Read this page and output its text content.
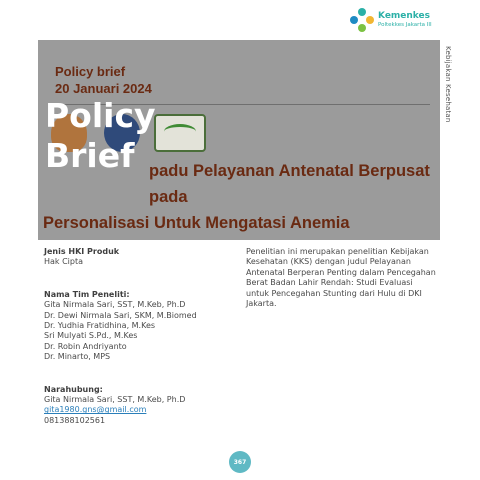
Kemenkes
Poltekkes Jakarta III
Kebijakan Kesehatan
Policy brief
20 Januari 2024
padu Pelayanan Antenatal Berpusat pada
Personalisasi Untuk Mengatasi Anemia
Policy
Brief
Jenis HKI Produk
Hak Cipta
Nama Tim Peneliti:
Gita Nirmala Sari, SST, M.Keb, Ph.D
Dr. Dewi Nirmala Sari, SKM, M.Biomed
Dr. Yudhia Fratidhina, M.Kes
Sri Mulyati S.Pd., M.Kes
Dr. Robin Andriyanto
Dr. Minarto, MPS
Narahubung:
Gita Nirmala Sari, SST, M.Keb, Ph.D
gita1980.gns@gmail.com
081388102561
Penelitian ini merupakan penelitian Kebijakan Kesehatan (KKS) dengan judul Pelayanan Antenatal Berperan Penting dalam Pencegahan Berat Badan Lahir Rendah: Studi Evaluasi untuk Pencegahan Stunting dari Hulu di DKI Jakarta.
367
